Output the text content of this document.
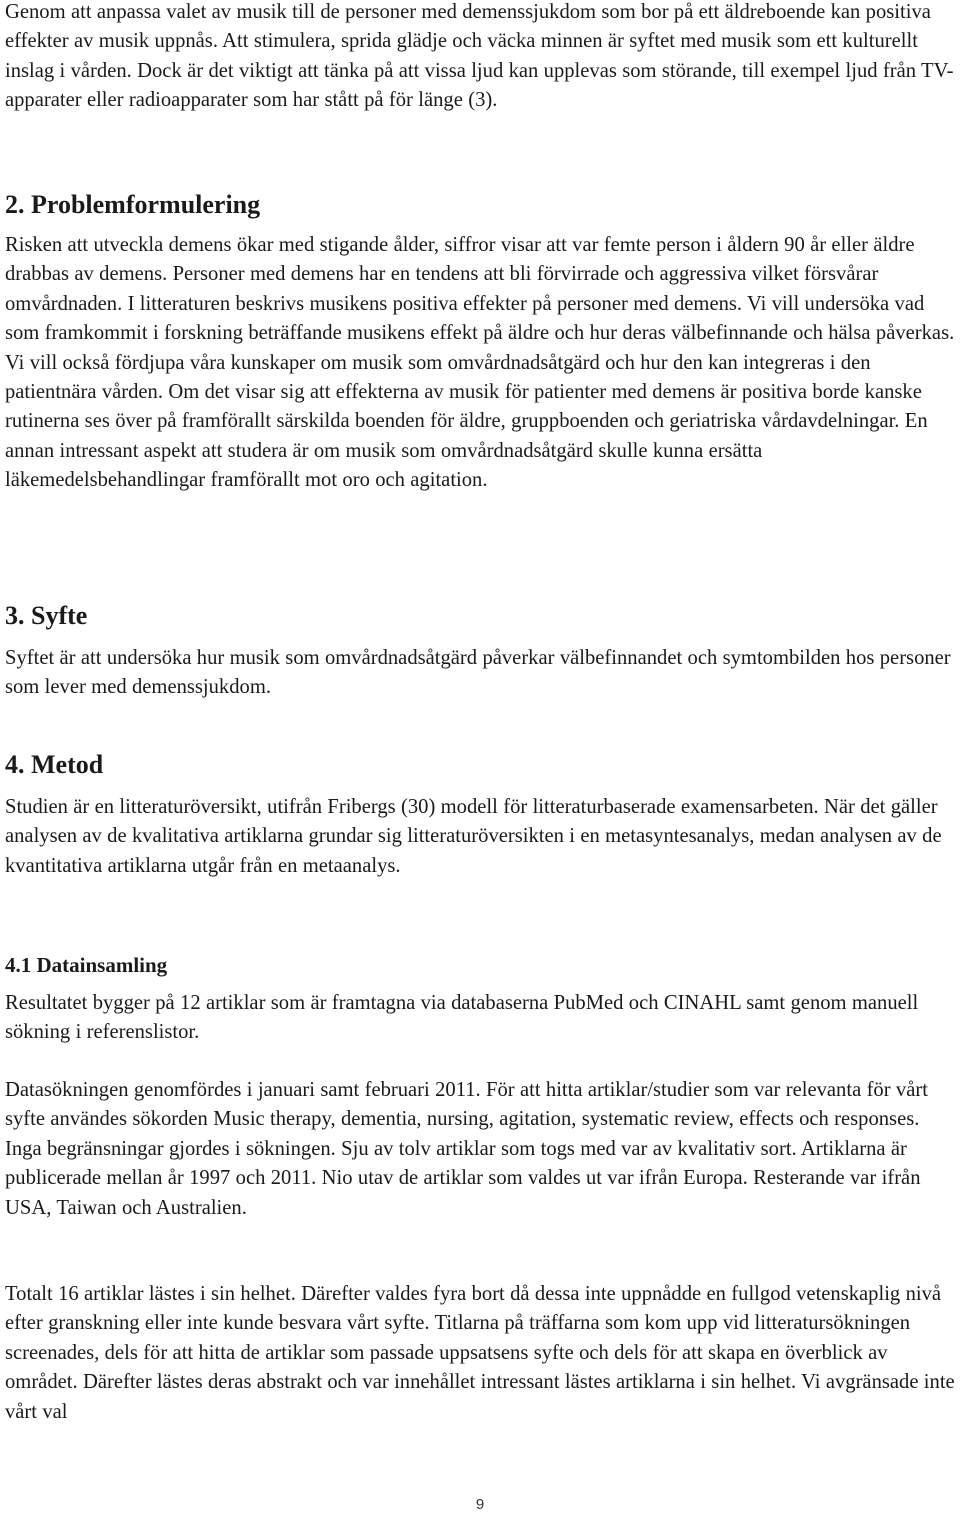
Genom att anpassa valet av musik till de personer med demenssjukdom som bor på ett äldreboende kan positiva effekter av musik uppnås. Att stimulera, sprida glädje och väcka minnen är syftet med musik som ett kulturellt inslag i vården. Dock är det viktigt att tänka på att vissa ljud kan upplevas som störande, till exempel ljud från TV-apparater eller radioapparater som har stått på för länge (3).

2. Problemformulering

Risken att utveckla demens ökar med stigande ålder, siffror visar att var femte person i åldern 90 år eller äldre drabbas av demens. Personer med demens har en tendens att bli förvirrade och aggressiva vilket försvårar omvårdnaden. I litteraturen beskrivs musikens positiva effekter på personer med demens. Vi vill undersöka vad som framkommit i forskning beträffande musikens effekt på äldre och hur deras välbefinnande och hälsa påverkas. Vi vill också fördjupa våra kunskaper om musik som omvårdnadsåtgärd och hur den kan integreras i den patientnära vården. Om det visar sig att effekterna av musik för patienter med demens är positiva borde kanske rutinerna ses över på framförallt särskilda boenden för äldre, gruppboenden och geriatriska vårdavdelningar. En annan intressant aspekt att studera är om musik som omvårdnadsåtgärd skulle kunna ersätta läkemedelsbehandlingar framförallt mot oro och agitation.

3. Syfte

Syftet är att undersöka hur musik som omvårdnadsåtgärd påverkar välbefinnandet och symtombilden hos personer som lever med demenssjukdom.

4. Metod

Studien är en litteraturöversikt, utifrån Fribergs (30) modell för litteraturbaserade examensarbeten. När det gäller analysen av de kvalitativa artiklarna grundar sig litteraturöversikten i en metasyntesanalys, medan analysen av de kvantitativa artiklarna utgår från en metaanalys.

4.1 Datainsamling

Resultatet bygger på 12 artiklar som är framtagna via databaserna PubMed och CINAHL samt genom manuell sökning i referenslistor.

Datasökningen genomfördes i januari samt februari 2011. För att hitta artiklar/studier som var relevanta för vårt syfte användes sökorden Music therapy, dementia, nursing, agitation, systematic review, effects och responses. Inga begränsningar gjordes i sökningen. Sju av tolv artiklar som togs med var av kvalitativ sort. Artiklarna är publicerade mellan år 1997 och 2011. Nio utav de artiklar som valdes ut var ifrån Europa. Resterande var ifrån USA, Taiwan och Australien.

Totalt 16 artiklar lästes i sin helhet. Därefter valdes fyra bort då dessa inte uppnådde en fullgod vetenskaplig nivå efter granskning eller inte kunde besvara vårt syfte. Titlarna på träffarna som kom upp vid litteratursökningen screenades, dels för att hitta de artiklar som passade uppsatsens syfte och dels för att skapa en överblick av området. Därefter lästes deras abstrakt och var innehållet intressant lästes artiklarna i sin helhet. Vi avgränsade inte vårt val

9
